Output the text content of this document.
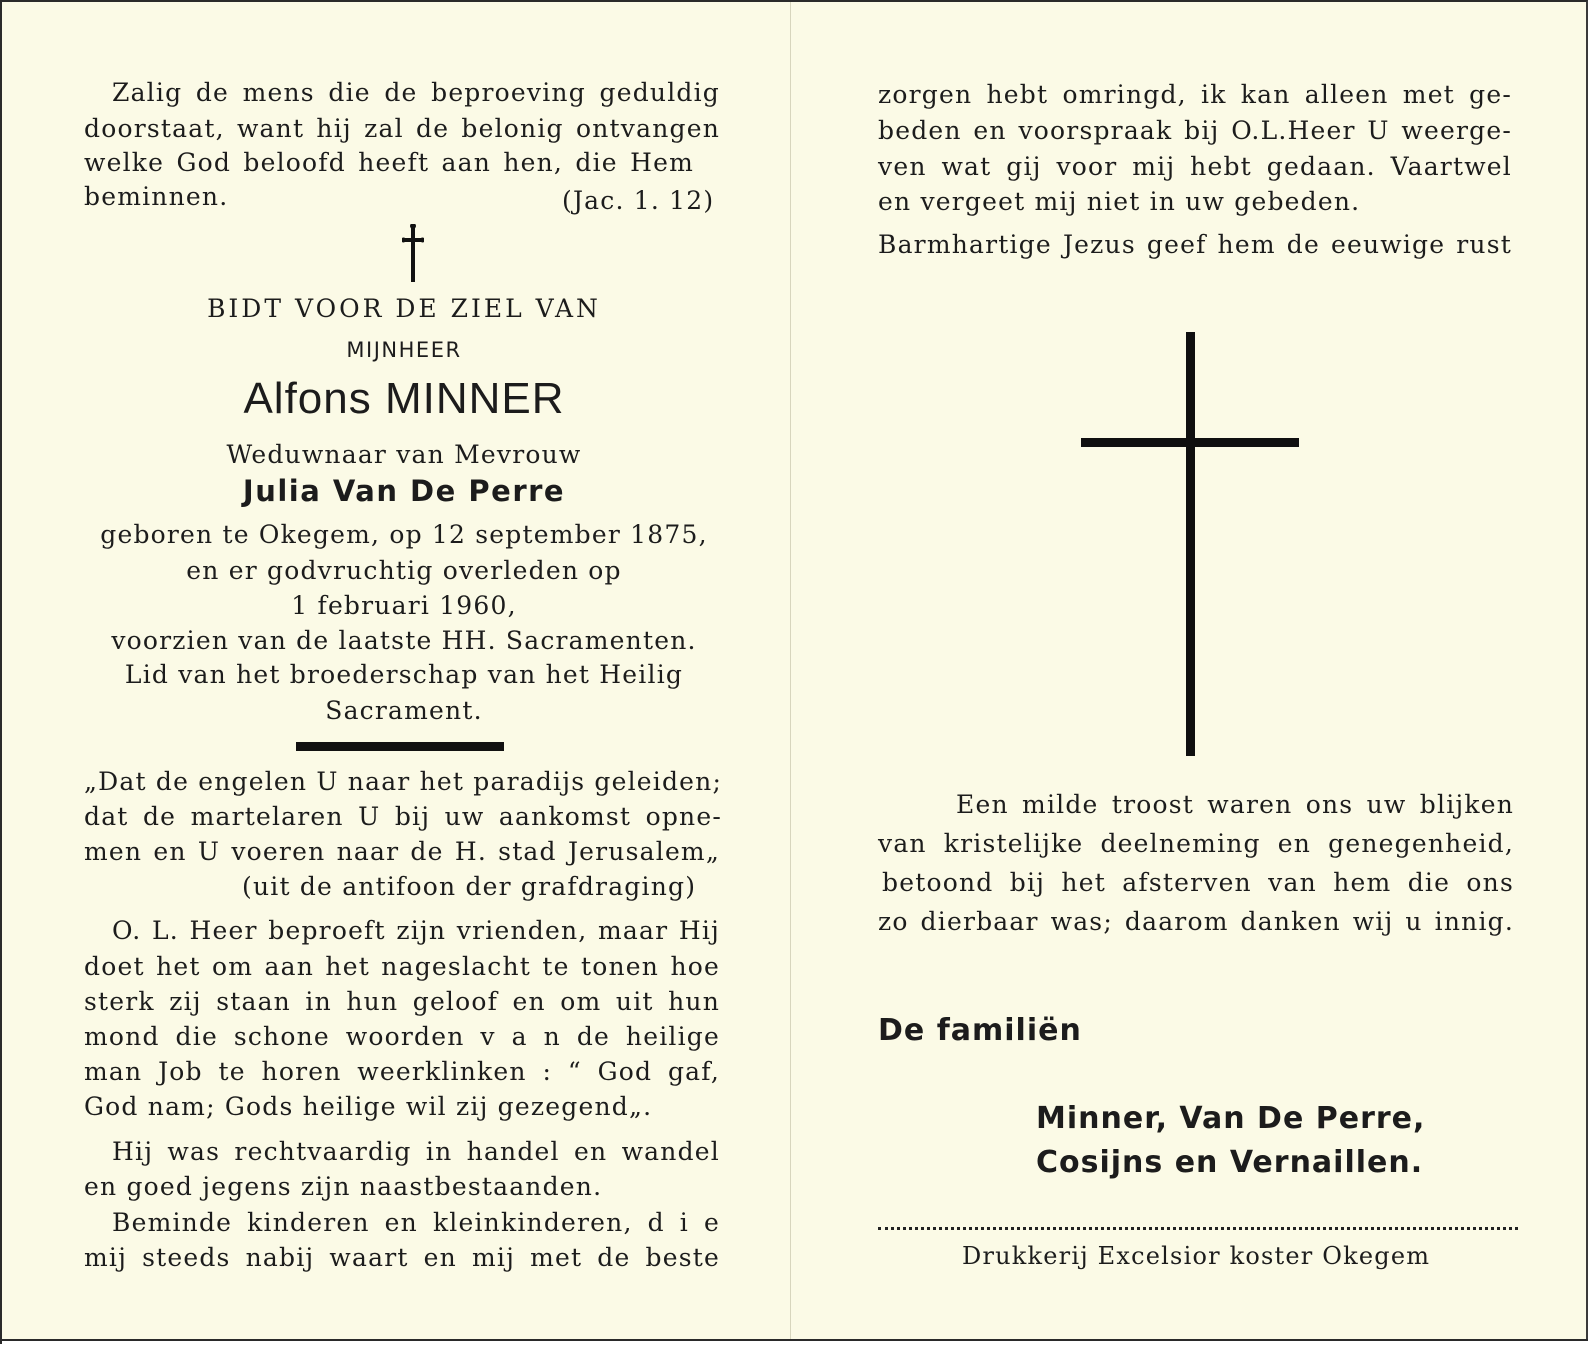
Zalig de mens die de beproeving geduldig
doorstaat, want hij zal de belonig ontvangen
welke God beloofd heeft aan hen, die Hem
beminnen.	(Jac. 1. 12)
BIDT VOOR DE ZIEL VAN
MIJNHEER
Alfons MINNER
Weduwnaar van Mevrouw
Julia Van De Perre
geboren te Okegem, op 12 september 1875,
en er godvruchtig overleden op
1 februari 1960,
voorzien van de laatste HH. Sacramenten.
Lid van het broederschap van het Heilig
Sacrament.
„Dat de engelen U naar het paradijs geleiden;
dat de martelaren U bij uw aankomst opne-
men en U voeren naar de H. stad Jerusalem„
(uit de antifoon der grafdraging)
O. L. Heer beproeft zijn vrienden, maar Hij
doet het om aan het nageslacht te tonen hoe
sterk zij staan in hun geloof en om uit hun
mond die schone woorden v a n de heilige
man Job te horen weerklinken : “ God gaf,
God nam; Gods heilige wil zij gezegend„.
Hij was rechtvaardig in handel en wandel
en goed jegens zijn naastbestaanden.
Beminde kinderen en kleinkinderen, d i e
mij steeds nabij waart en mij met de beste
zorgen hebt omringd, ik kan alleen met ge-
beden en voorspraak bij O.L.Heer U weerge-
ven wat gij voor mij hebt gedaan. Vaartwel
en vergeet mij niet in uw gebeden.
Barmhartige Jezus geef hem de eeuwige rust
Een milde troost waren ons uw blijken
van kristelijke deelneming en genegenheid,
betoond bij het afsterven van hem die ons
zo dierbaar was; daarom danken wij u innig.
De familiën
Minner, Van De Perre,
Cosijns en Vernaillen.
Drukkerij Excelsior koster Okegem
